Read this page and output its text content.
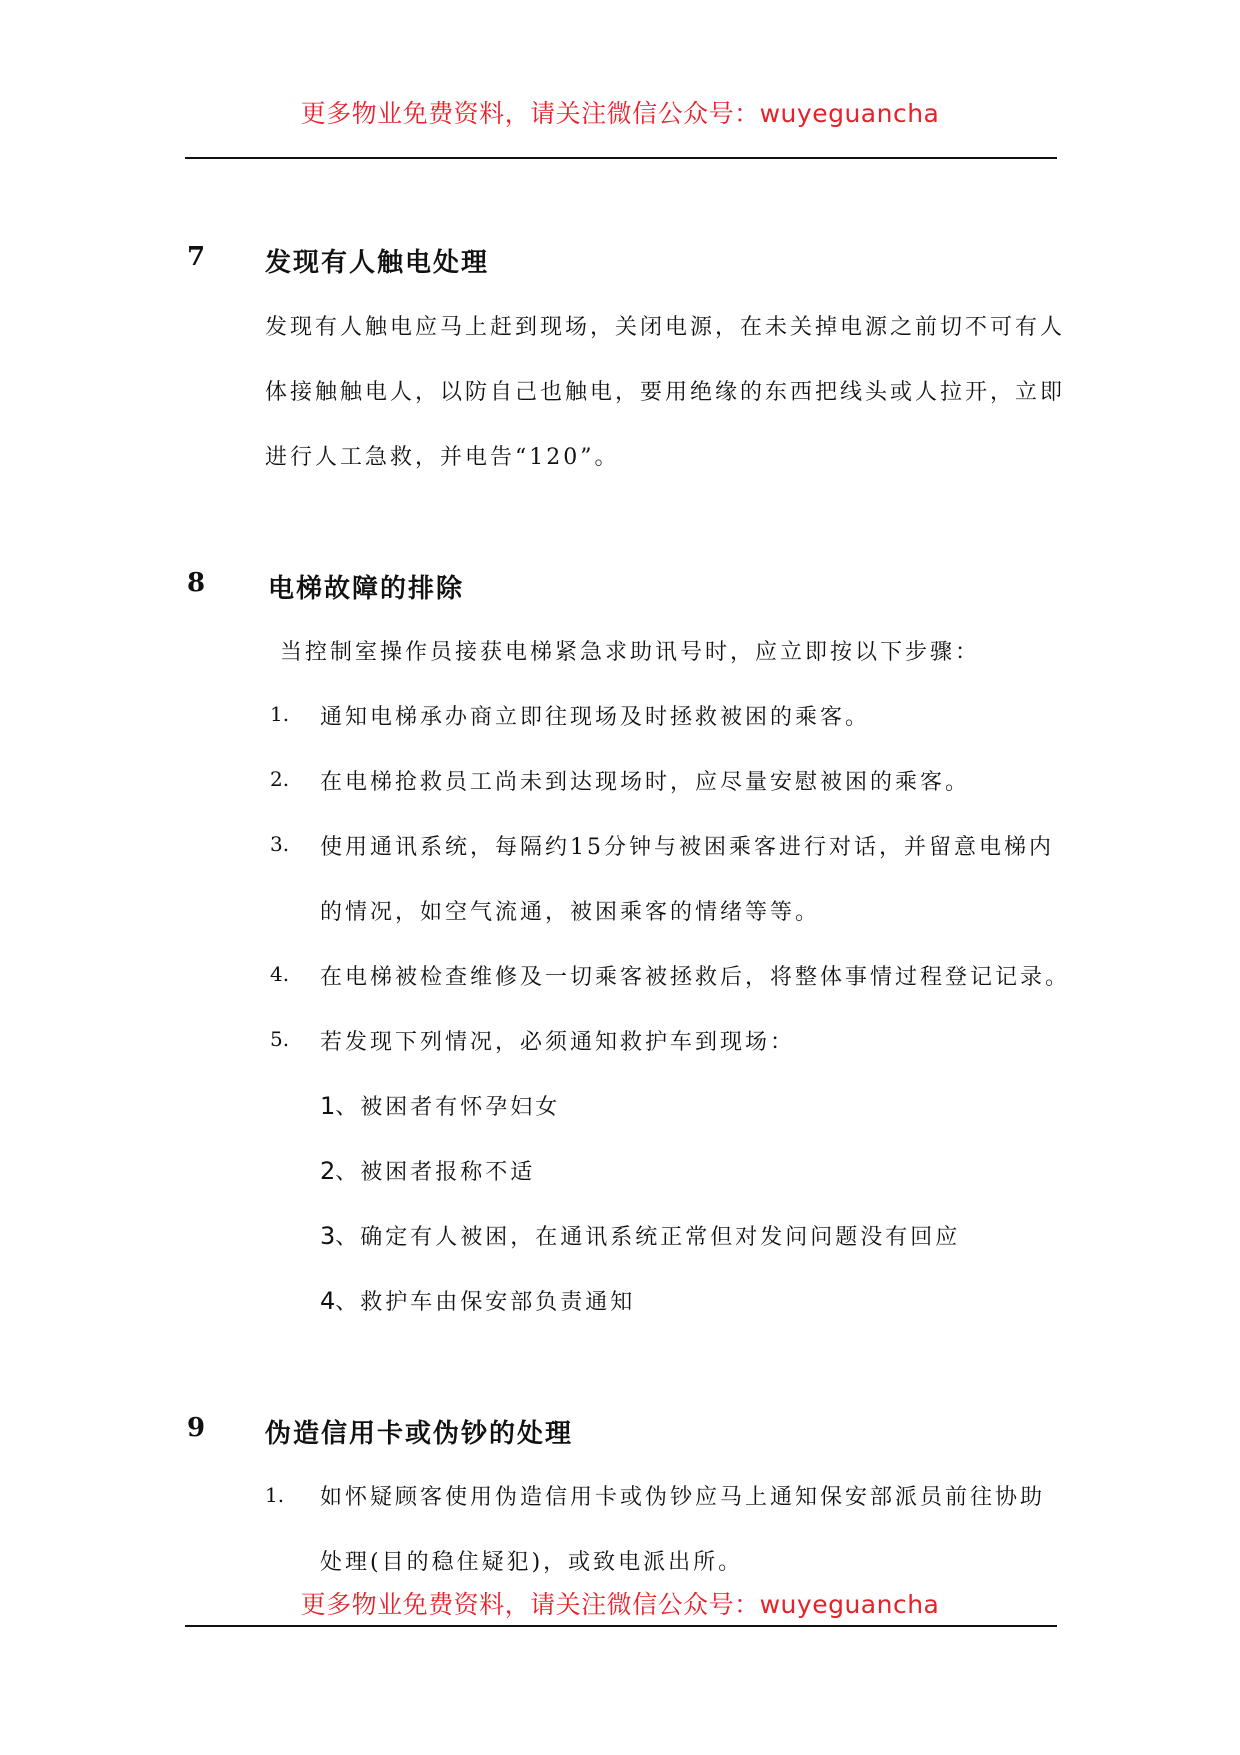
更多物业免费资料，请关注微信公众号：wuyeguancha
7 发现有人触电处理
发现有人触电应马上赶到现场，关闭电源，在未关掉电源之前切不可有人
体接触触电人，以防自己也触电，要用绝缘的东西把线头或人拉开，立即
进行人工急救，并电告“120”。
8 电梯故障的排除
当控制室操作员接获电梯紧急求助讯号时，应立即按以下步骤：
1. 通知电梯承办商立即往现场及时拯救被困的乘客。
2. 在电梯抢救员工尚未到达现场时，应尽量安慰被困的乘客。
3. 使用通讯系统，每隔约15分钟与被困乘客进行对话，并留意电梯内
的情况，如空气流通，被困乘客的情绪等等。
4. 在电梯被检查维修及一切乘客被拯救后，将整体事情过程登记记录。
5. 若发现下列情况，必须通知救护车到现场：
1、被困者有怀孕妇女
2、被困者报称不适
3、确定有人被困，在通讯系统正常但对发问问题没有回应
4、救护车由保安部负责通知
9 伪造信用卡或伪钞的处理
1. 如怀疑顾客使用伪造信用卡或伪钞应马上通知保安部派员前往协助
处理(目的稳住疑犯)，或致电派出所。
更多物业免费资料，请关注微信公众号：wuyeguancha
